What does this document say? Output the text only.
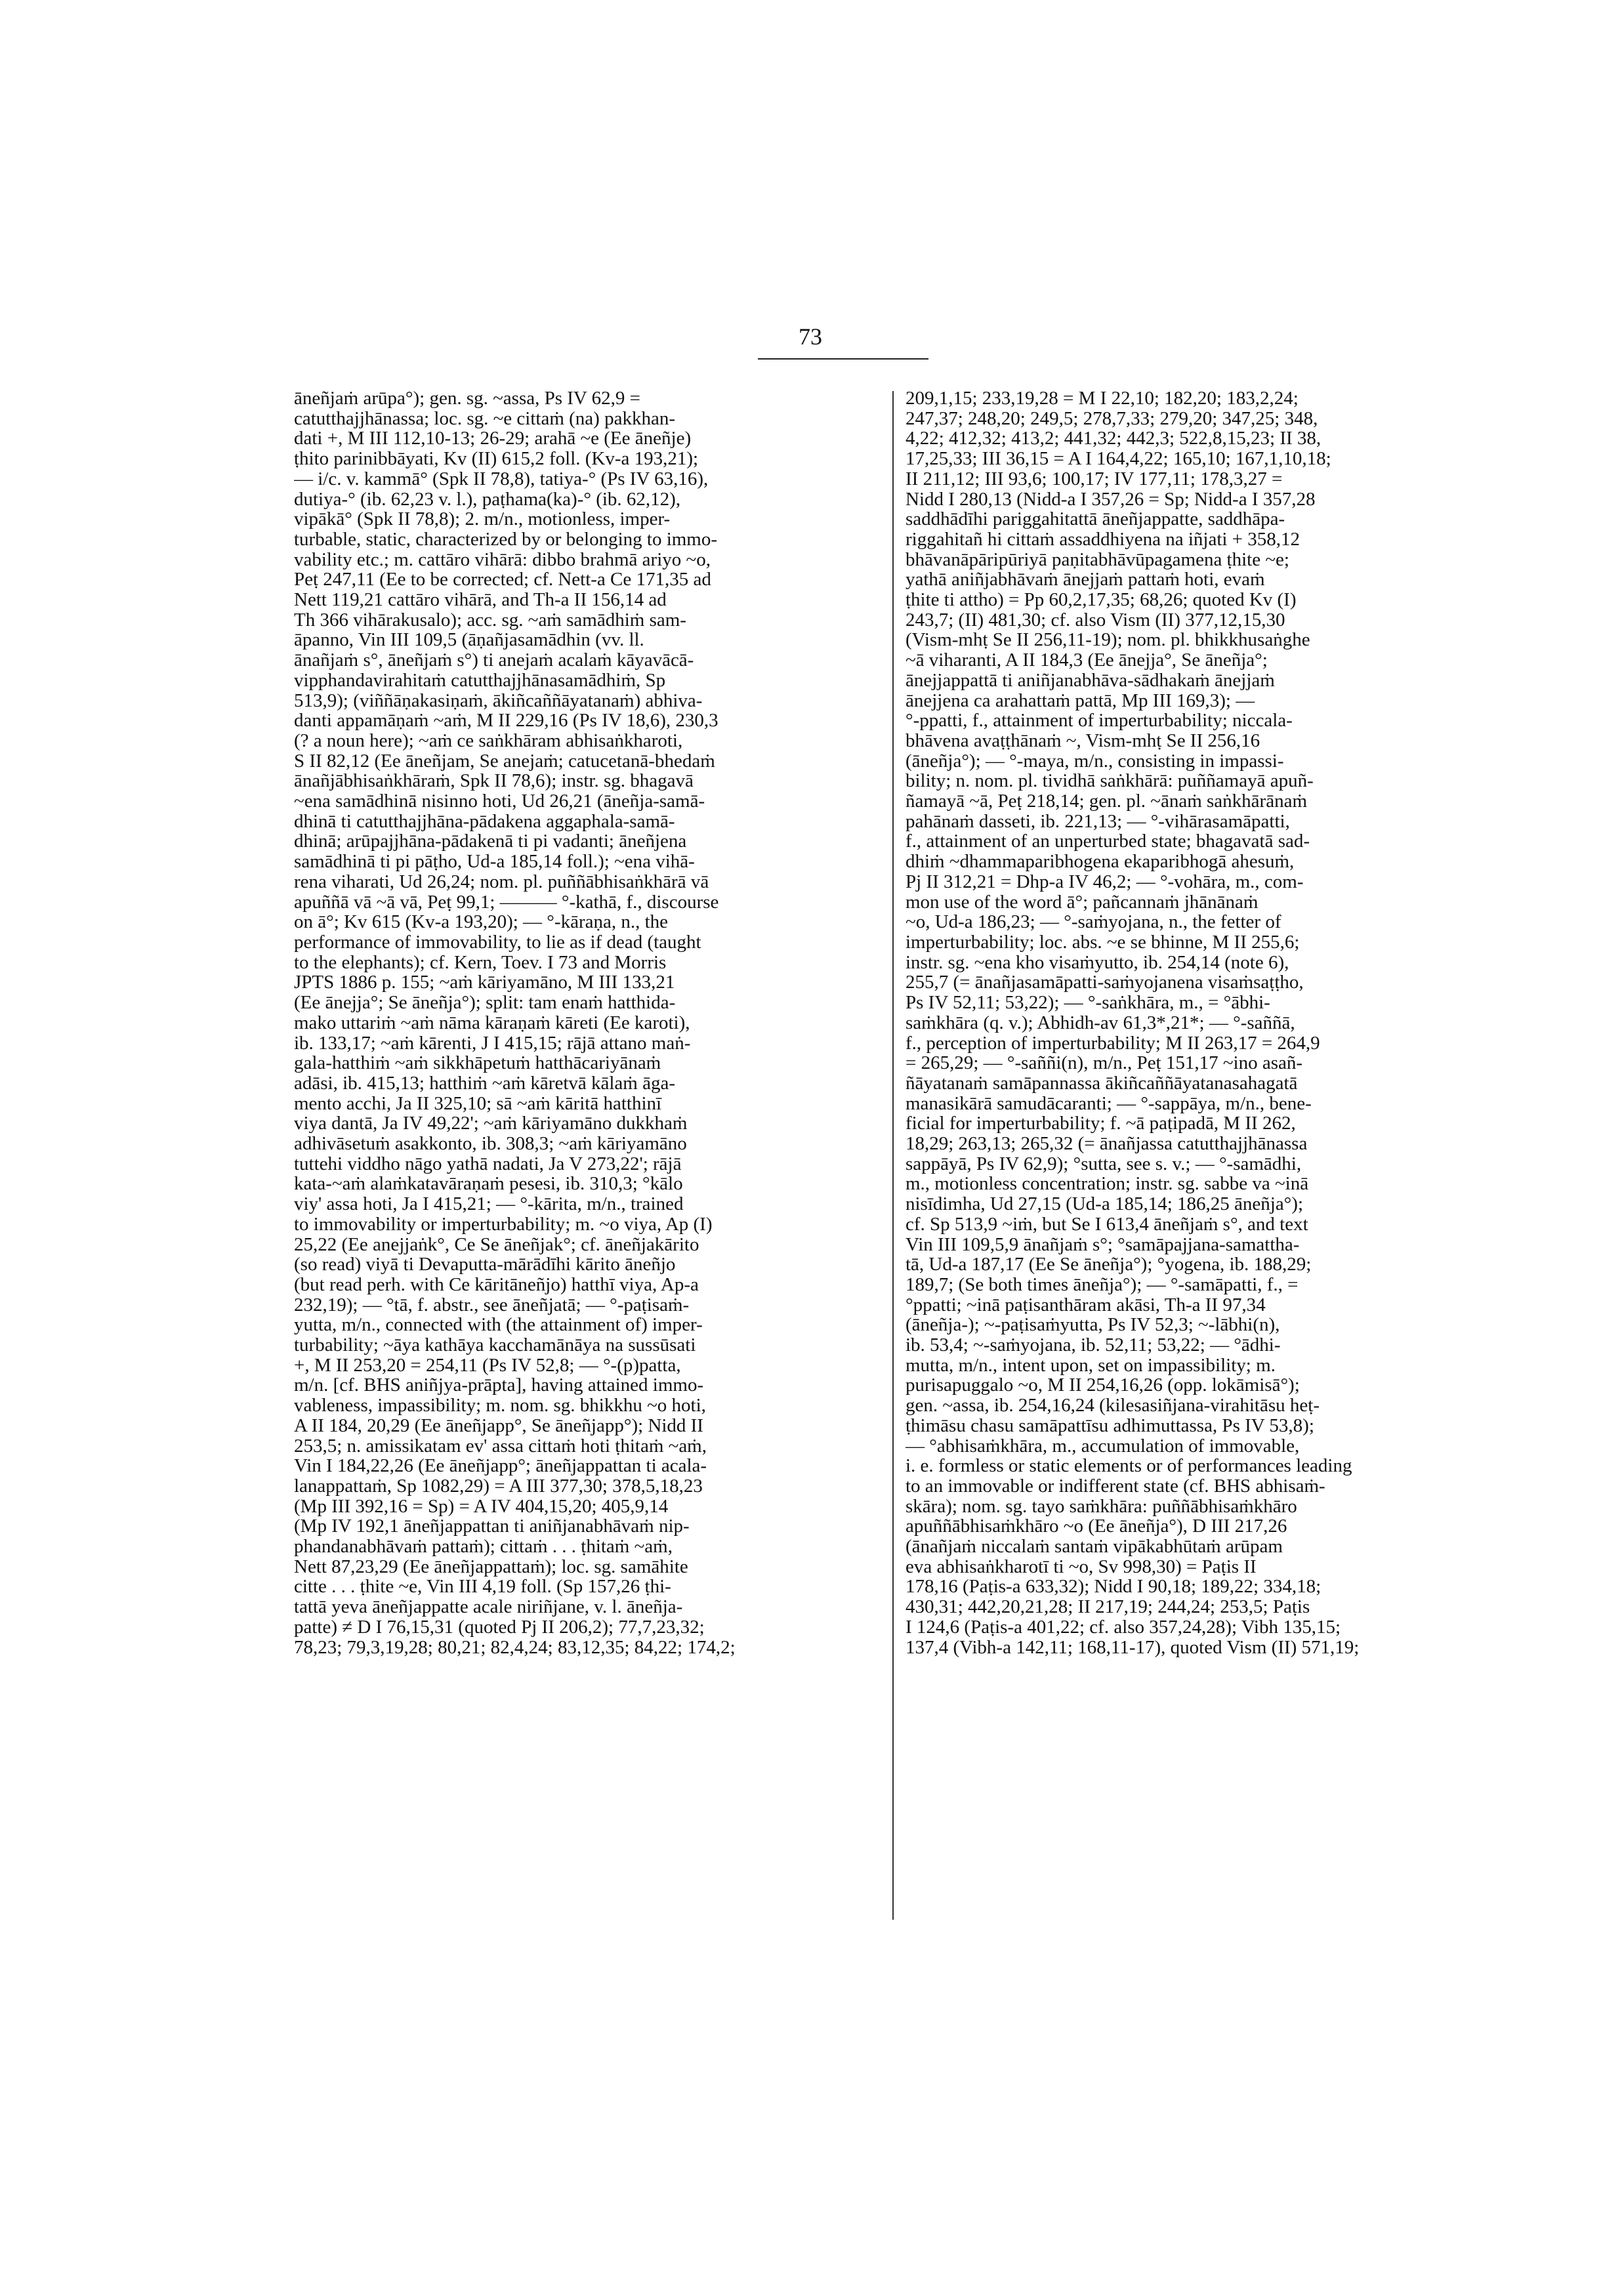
73
āneñjaṁ arūpa°); gen. sg. ~assa, Ps IV 62,9 =
catutthajjhānassa; loc. sg. ~e cittaṁ (na) pakkhan-
dati +, M III 112,10-13; 26-29; arahā ~e (Ee āneñje)
ṭhito parinibbāyati, Kv (II) 615,2 foll. (Kv-a 193,21);
— i/c. v. kammā° (Spk II 78,8), tatiya-° (Ps IV 63,16),
dutiya-° (ib. 62,23 v. l.), paṭhama(ka)-° (ib. 62,12),
vipākā° (Spk II 78,8); 2. m/n., motionless, imper-
turbable, static, characterized by or belonging to immo-
vability etc.; m. cattāro vihārā: dibbo brahmā ariyo ~o,
Peṭ 247,11 (Ee to be corrected; cf. Nett-a Ce 171,35 ad
Nett 119,21 cattāro vihārā, and Th-a II 156,14 ad
Th 366 vihārakusalo); acc. sg. ~aṁ samādhiṁ sam-
āpanno, Vin III 109,5 (āṇañjasamādhin (vv. ll.
ānañjaṁ s°, āneñjaṁ s°) ti anejaṁ acalaṁ kāyavācā-
vipphandavirahitaṁ catutthajjhānasamādhiṁ, Sp
513,9); (viññāṇakasiṇaṁ, ākiñcaññāyatanaṁ) abhiva-
danti appamāṇaṁ ~aṁ, M II 229,16 (Ps IV 18,6), 230,3
(? a noun here); ~aṁ ce saṅkhāram abhisaṅkharoti,
S II 82,12 (Ee āneñjam, Se anejaṁ; catucetanā-bhedaṁ
ānañjābhisaṅkhāraṁ, Spk II 78,6); instr. sg. bhagavā
~ena samādhinā nisinno hoti, Ud 26,21 (āneñja-samā-
dhinā ti catutthajjhāna-pādakena aggaphala-samā-
dhinā; arūpajjhāna-pādakenā ti pi vadanti; āneñjena
samādhinā ti pi pāṭho, Ud-a 185,14 foll.); ~ena vihā-
rena viharati, Ud 26,24; nom. pl. puññābhisaṅkhārā vā
apuññā vā ~ā vā, Peṭ 99,1; ——— °-kathā, f., discourse
on ā°; Kv 615 (Kv-a 193,20); — °-kāraṇa, n., the
performance of immovability, to lie as if dead (taught
to the elephants); cf. Kern, Toev. I 73 and Morris
JPTS 1886 p. 155; ~aṁ kāriyamāno, M III 133,21
(Ee ānejja°; Se āneñja°); split: tam enaṁ hatthida-
mako uttariṁ ~aṁ nāma kāraṇaṁ kāreti (Ee karoti),
ib. 133,17; ~aṁ kārenti, J I 415,15; rājā attano maṅ-
gala-hatthiṁ ~aṁ sikkhāpetuṁ hatthācariyānaṁ
adāsi, ib. 415,13; hatthiṁ ~aṁ kāretvā kālaṁ āga-
mento acchi, Ja II 325,10; sā ~aṁ kāritā hatthinī
viya dantā, Ja IV 49,22'; ~aṁ kāriyamāno dukkhaṁ
adhivāsetuṁ asakkonto, ib. 308,3; ~aṁ kāriyamāno
tuttehi viddho nāgo yathā nadati, Ja V 273,22'; rājā
kata-~aṁ alaṁkatavāraṇaṁ pesesi, ib. 310,3; °kālo
viy' assa hoti, Ja I 415,21; — °-kārita, m/n., trained
to immovability or imperturbability; m. ~o viya, Ap (I)
25,22 (Ee anejjaṅk°, Ce Se āneñjak°; cf. āneñjakārito
(so read) viyā ti Devaputta-mārādīhi kārito āneñjo
(but read perh. with Ce kāritāneñjo) hatthī viya, Ap-a
232,19); — °tā, f. abstr., see āneñjatā; — °-paṭisaṁ-
yutta, m/n., connected with (the attainment of) imper-
turbability; ~āya kathāya kacchamānāya na sussūsati
+, M II 253,20 = 254,11 (Ps IV 52,8; — °-(p)patta,
m/n. [cf. BHS aniñjya-prāpta], having attained immo-
vableness, impassibility; m. nom. sg. bhikkhu ~o hoti,
A II 184, 20,29 (Ee āneñjapp°, Se āneñjapp°); Nidd II
253,5; n. amissikatam ev' assa cittaṁ hoti ṭhitaṁ ~aṁ,
Vin I 184,22,26 (Ee āneñjapp°; āneñjappattan ti acala-
lanappattaṁ, Sp 1082,29) = A III 377,30; 378,5,18,23
(Mp III 392,16 = Sp) = A IV 404,15,20; 405,9,14
(Mp IV 192,1 āneñjappattan ti aniñjanabhāvaṁ nip-
phandanabhāvaṁ pattaṁ); cittaṁ . . . ṭhitaṁ ~aṁ,
Nett 87,23,29 (Ee āneñjappattaṁ); loc. sg. samāhite
citte . . . ṭhite ~e, Vin III 4,19 foll. (Sp 157,26 ṭhi-
tattā yeva āneñjappatte acale niriñjane, v. l. āneñja-
patte) ≠ D I 76,15,31 (quoted Pj II 206,2); 77,7,23,32;
78,23; 79,3,19,28; 80,21; 82,4,24; 83,12,35; 84,22; 174,2;
209,1,15; 233,19,28 = M I 22,10; 182,20; 183,2,24;
247,37; 248,20; 249,5; 278,7,33; 279,20; 347,25; 348,
4,22; 412,32; 413,2; 441,32; 442,3; 522,8,15,23; II 38,
17,25,33; III 36,15 = A I 164,4,22; 165,10; 167,1,10,18;
II 211,12; III 93,6; 100,17; IV 177,11; 178,3,27 =
Nidd I 280,13 (Nidd-a I 357,26 = Sp; Nidd-a I 357,28
saddhādīhi pariggahitattā āneñjappatte, saddhāpa-
riggahitañ hi cittaṁ assaddhiyena na iñjati + 358,12
bhāvanāpāripūriyā paṇitabhāvūpagamena ṭhite ~e;
yathā aniñjabhāvaṁ ānejjaṁ pattaṁ hoti, evaṁ
ṭhite ti attho) = Pp 60,2,17,35; 68,26; quoted Kv (I)
243,7; (II) 481,30; cf. also Vism (II) 377,12,15,30
(Vism-mhṭ Se II 256,11-19); nom. pl. bhikkhusaṅghe
~ā viharanti, A II 184,3 (Ee ānejja°, Se āneñja°;
ānejjappattā ti aniñjanabhāva-sādhakaṁ ānejjaṁ
ānejjena ca arahattaṁ pattā, Mp III 169,3); —
°-ppatti, f., attainment of imperturbability; niccala-
bhāvena avaṭṭhānaṁ ~, Vism-mhṭ Se II 256,16
(āneñja°); — °-maya, m/n., consisting in impassi-
bility; n. nom. pl. tividhā saṅkhārā: puññamayā apuñ-
ñamayā ~ā, Peṭ 218,14; gen. pl. ~ānaṁ saṅkhārānaṁ
pahānaṁ dasseti, ib. 221,13; — °-vihārasamāpatti,
f., attainment of an unperturbed state; bhagavatā sad-
dhiṁ ~dhammaparibhogena ekaparibhogā ahesuṁ,
Pj II 312,21 = Dhp-a IV 46,2; — °-vohāra, m., com-
mon use of the word ā°; pañcannaṁ jhānānaṁ
~o, Ud-a 186,23; — °-saṁyojana, n., the fetter of
imperturbability; loc. abs. ~e se bhinne, M II 255,6;
instr. sg. ~ena kho visaṁyutto, ib. 254,14 (note 6),
255,7 (= ānañjasamāpatti-saṁyojanena visaṁsaṭṭho,
Ps IV 52,11; 53,22); — °-saṅkhāra, m., = °ābhi-
saṁkhāra (q. v.); Abhidh-av 61,3*,21*; — °-saññā,
f., perception of imperturbability; M II 263,17 = 264,9
= 265,29; — °-saññi(n), m/n., Peṭ 151,17 ~ino asañ-
ñāyatanaṁ samāpannassa ākiñcaññāyatanasahagatā
manasikārā samudācaranti; — °-sappāya, m/n., bene-
ficial for imperturbability; f. ~ā paṭipadā, M II 262,
18,29; 263,13; 265,32 (= ānañjassa catutthajjhānassa
sappāyā, Ps IV 62,9); °sutta, see s. v.; — °-samādhi,
m., motionless concentration; instr. sg. sabbe va ~inā
nisīdimha, Ud 27,15 (Ud-a 185,14; 186,25 āneñja°);
cf. Sp 513,9 ~iṁ, but Se I 613,4 āneñjaṁ s°, and text
Vin III 109,5,9 ānañjaṁ s°; °samāpajjana-samattha-
tā, Ud-a 187,17 (Ee Se āneñja°); °yogena, ib. 188,29;
189,7; (Se both times āneñja°); — °-samāpatti, f., =
°ppatti; ~inā paṭisanthāram akāsi, Th-a II 97,34
(āneñja-); ~-paṭisaṁyutta, Ps IV 52,3; ~-lābhi(n),
ib. 53,4; ~-saṁyojana, ib. 52,11; 53,22; — °ādhi-
mutta, m/n., intent upon, set on impassibility; m.
purisapuggalo ~o, M II 254,16,26 (opp. lokāmisā°);
gen. ~assa, ib. 254,16,24 (kilesasiñjana-virahitāsu heṭ-
ṭhimāsu chasu samāpattīsu adhimuttassa, Ps IV 53,8);
— °abhisaṁkhāra, m., accumulation of immovable,
i. e. formless or static elements or of performances leading
to an immovable or indifferent state (cf. BHS abhisaṁ-
skāra); nom. sg. tayo saṁkhāra: puññābhisaṁkhāro
apuññābhisaṁkhāro ~o (Ee āneñja°), D III 217,26
(ānañjaṁ niccalaṁ santaṁ vipākabhūtaṁ arūpam
eva abhisaṅkharotī ti ~o, Sv 998,30) = Paṭis II
178,16 (Paṭis-a 633,32); Nidd I 90,18; 189,22; 334,18;
430,31; 442,20,21,28; II 217,19; 244,24; 253,5; Paṭis
I 124,6 (Paṭis-a 401,22; cf. also 357,24,28); Vibh 135,15;
137,4 (Vibh-a 142,11; 168,11-17), quoted Vism (II) 571,19;
